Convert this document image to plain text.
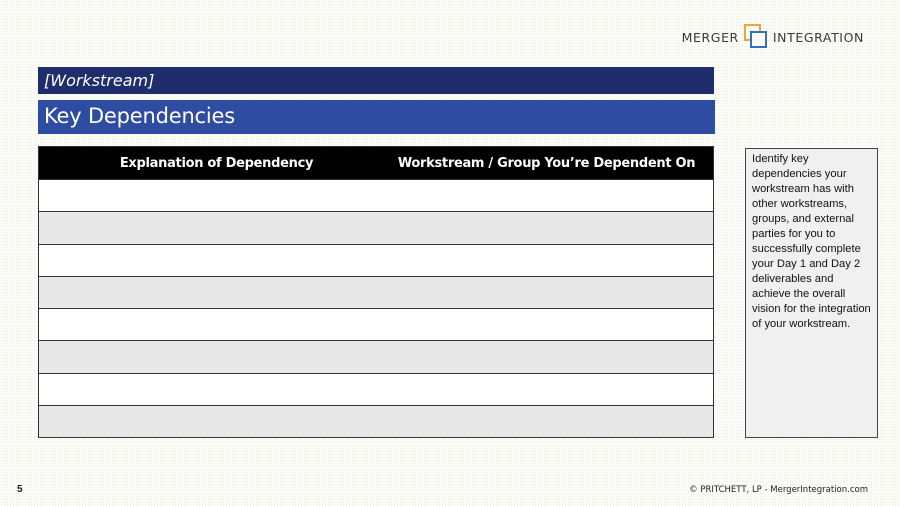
MERGER	INTEGRATION
[Workstream]
Key Dependencies
Explanation of Dependency	Workstream / Group You’re Dependent On	Identify key dependencies your workstream has with other workstreams, groups, and external parties for you to successfully complete your Day 1 and Day 2 deliverables and achieve the overall vision for the integration of your workstream.
5	© PRITCHETT, LP - MergerIntegration.com
